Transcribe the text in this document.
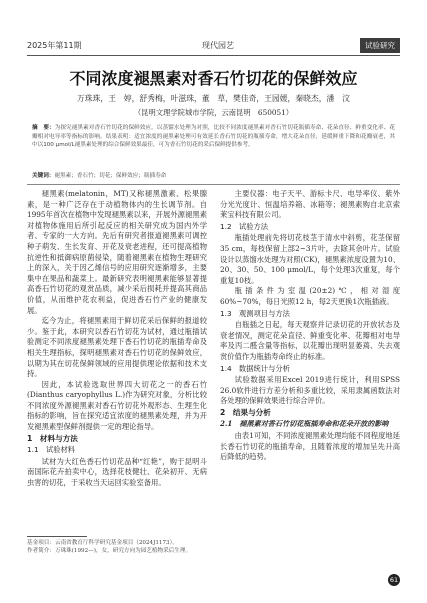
2025年第11期	现代园艺	试验研究
不同浓度褪黑素对香石竹切花的保鲜效应
万珠珠，王　婷，舒秀梅，叶滋珠，董　草，樊佳奇，王园媛，秦晓杰，潘　汶
（昆明文理学院城市学院，云南昆明　650051）
摘　要：为探究褪黑素对香石竹切花的保鲜效应，以蒸馏水处理为对照，比较不同浓度褪黑素对香石竹切花瓶插寿命、花朵直径、鲜重变化率、花瓣相对电导率等指标的影响。结果表明：适宜浓度的褪黑素处理可有效延长香石竹切花的瓶插寿命，增大花朵直径，延缓鲜重下降和花瓣衰老，其中以100 μmol/L褪黑素处理的综合保鲜效果最佳，可为香石竹切花的采后保鲜提供参考。
关键词：褪黑素；香石竹；切花；保鲜效应；瓶插寿命

褪黑素(melatonin，MT)又称褪黑激素、松果腺素，是一种广泛存在于动植物体内的生长调节剂。自1995年首次在植物中发现褪黑素以来，开展外源褪黑素对植物体施用后所引起反应的相关研究成为国内外学者、专家的一大方向。先后有研究者报道褪黑素可调控种子萌发、生长发育、开花及衰老进程，还可提高植物抗逆性和抵御病原菌侵染，随着褪黑素在植物生理研究上的深入，关于因乙烯信号的应用研究逐渐增多，主要集中在果品和蔬菜上。最新研究表明褪黑素能够显著提高香石竹切花的观赏品质，减少采后损耗并提高其商品价值，从而维护花农利益，促进香石竹产业的健康发展。

迄今为止，将褪黑素用于鲜切花采后保鲜的报道较少。鉴于此，本研究以香石竹切花为试材，通过瓶插试验测定不同浓度褪黑素处理下香石竹切花的瓶插寿命及相关生理指标，探明褪黑素对香石竹切花的保鲜效应，以期为其在切花保鲜领域的应用提供理论依据和技术支持。

因此，本试验选取世界四大切花之一的香石竹(Dianthus caryophyllus L.)作为研究对象，分析比较不同浓度外源褪黑素对香石竹切花外观形态、生理生化指标的影响，旨在探究适宜浓度的褪黑素处理，并为开发褪黑素型保鲜剂提供一定的理论指导。

1　材料与方法
1.1　试验材料

试材为大红色香石竹切花品种“红艳”，购于昆明斗南国际花卉拍卖中心，选择花枝健壮、花朵初开、无病虫害的切花，于采收当天运回实验室备用。

主要仪器：电子天平、游标卡尺、电导率仪、紫外分光光度计、恒温培养箱、冰箱等；褪黑素购自北京索莱宝科技有限公司。

1.2　试验方法

瓶插处理前先将切花枝茎于清水中斜剪，花茎保留35 cm，每枝保留上部2~3片叶，去除其余叶片。试验设计以蒸馏水处理为对照(CK)，褪黑素浓度设置为10、20、30、50、100 μmol/L，每个处理3次重复，每个重复10枝。

瓶插条件为室温(20±2)℃，相对湿度60%~70%，每日光照12 h，每2天更换1次瓶插液。

1.3　观测项目与方法

自瓶插之日起，每天观察并记录切花的开放状态及衰老情况，测定花朵直径、鲜重变化率、花瓣相对电导率及丙二醛含量等指标，以花瓣出现明显萎蔫、失去观赏价值作为瓶插寿命终止的标准。

1.4　数据统计与分析

试验数据采用Excel 2019进行统计，利用SPSS 26.0软件进行方差分析和多重比较，采用隶属函数法对各处理的保鲜效果进行综合评价。

2　结果与分析
2.1　褪黑素对香石竹切花瓶插寿命和花朵开放的影响

由表1可知，不同浓度褪黑素处理均能不同程度地延长香石竹切花的瓶插寿命，且随着浓度的增加呈先升高后降低的趋势。

基金项目：云南省教育厅科学研究基金项目（2024J1173）。
作者简介：万珠珠(1992—)，女，研究方向为园艺植物采后生理。
61
